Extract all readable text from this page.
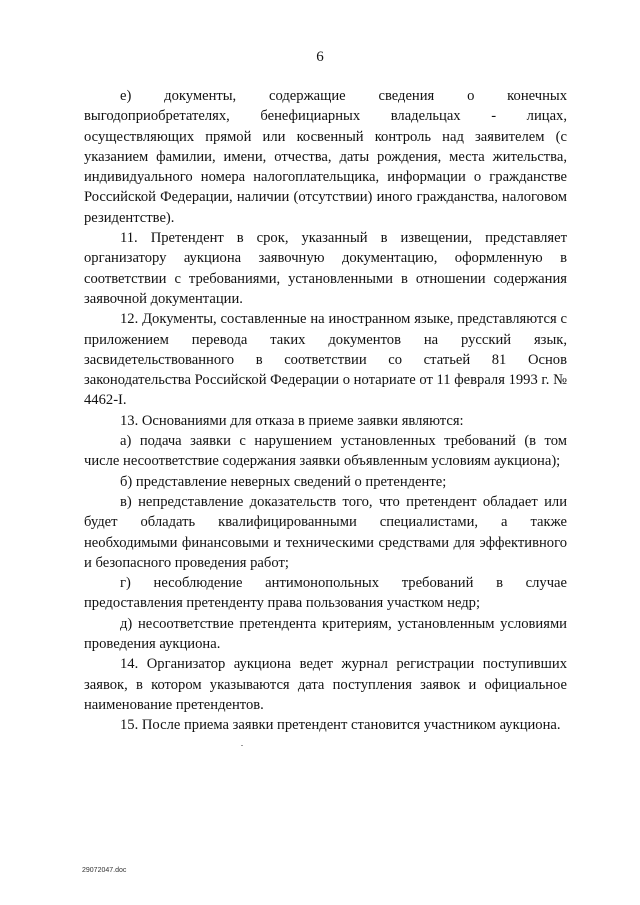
6

е) документы, содержащие сведения о конечных выгодоприобретателях, бенефициарных владельцах - лицах, осуществляющих прямой или косвенный контроль над заявителем (с указанием фамилии, имени, отчества, даты рождения, места жительства, индивидуального номера налогоплательщика, информации о гражданстве Российской Федерации, наличии (отсутствии) иного гражданства, налоговом резидентстве).

11. Претендент в срок, указанный в извещении, представляет организатору аукциона заявочную документацию, оформленную в соответствии с требованиями, установленными в отношении содержания заявочной документации.

12. Документы, составленные на иностранном языке, представляются с приложением перевода таких документов на русский язык, засвидетельствованного в соответствии со статьей 81 Основ законодательства Российской Федерации о нотариате от 11 февраля 1993 г. № 4462-I.

13. Основаниями для отказа в приеме заявки являются:

а) подача заявки с нарушением установленных требований (в том числе несоответствие содержания заявки объявленным условиям аукциона);

б) представление неверных сведений о претенденте;

в) непредставление доказательств того, что претендент обладает или будет обладать квалифицированными специалистами, а также необходимыми финансовыми и техническими средствами для эффективного и безопасного проведения работ;

г) несоблюдение антимонопольных требований в случае предоставления претенденту права пользования участком недр;

д) несоответствие претендента критериям, установленным условиями проведения аукциона.

14. Организатор аукциона ведет журнал регистрации поступивших заявок, в котором указываются дата поступления заявок и официальное наименование претендентов.

15. После приема заявки претендент становится участником аукциона.

29072047.doc
